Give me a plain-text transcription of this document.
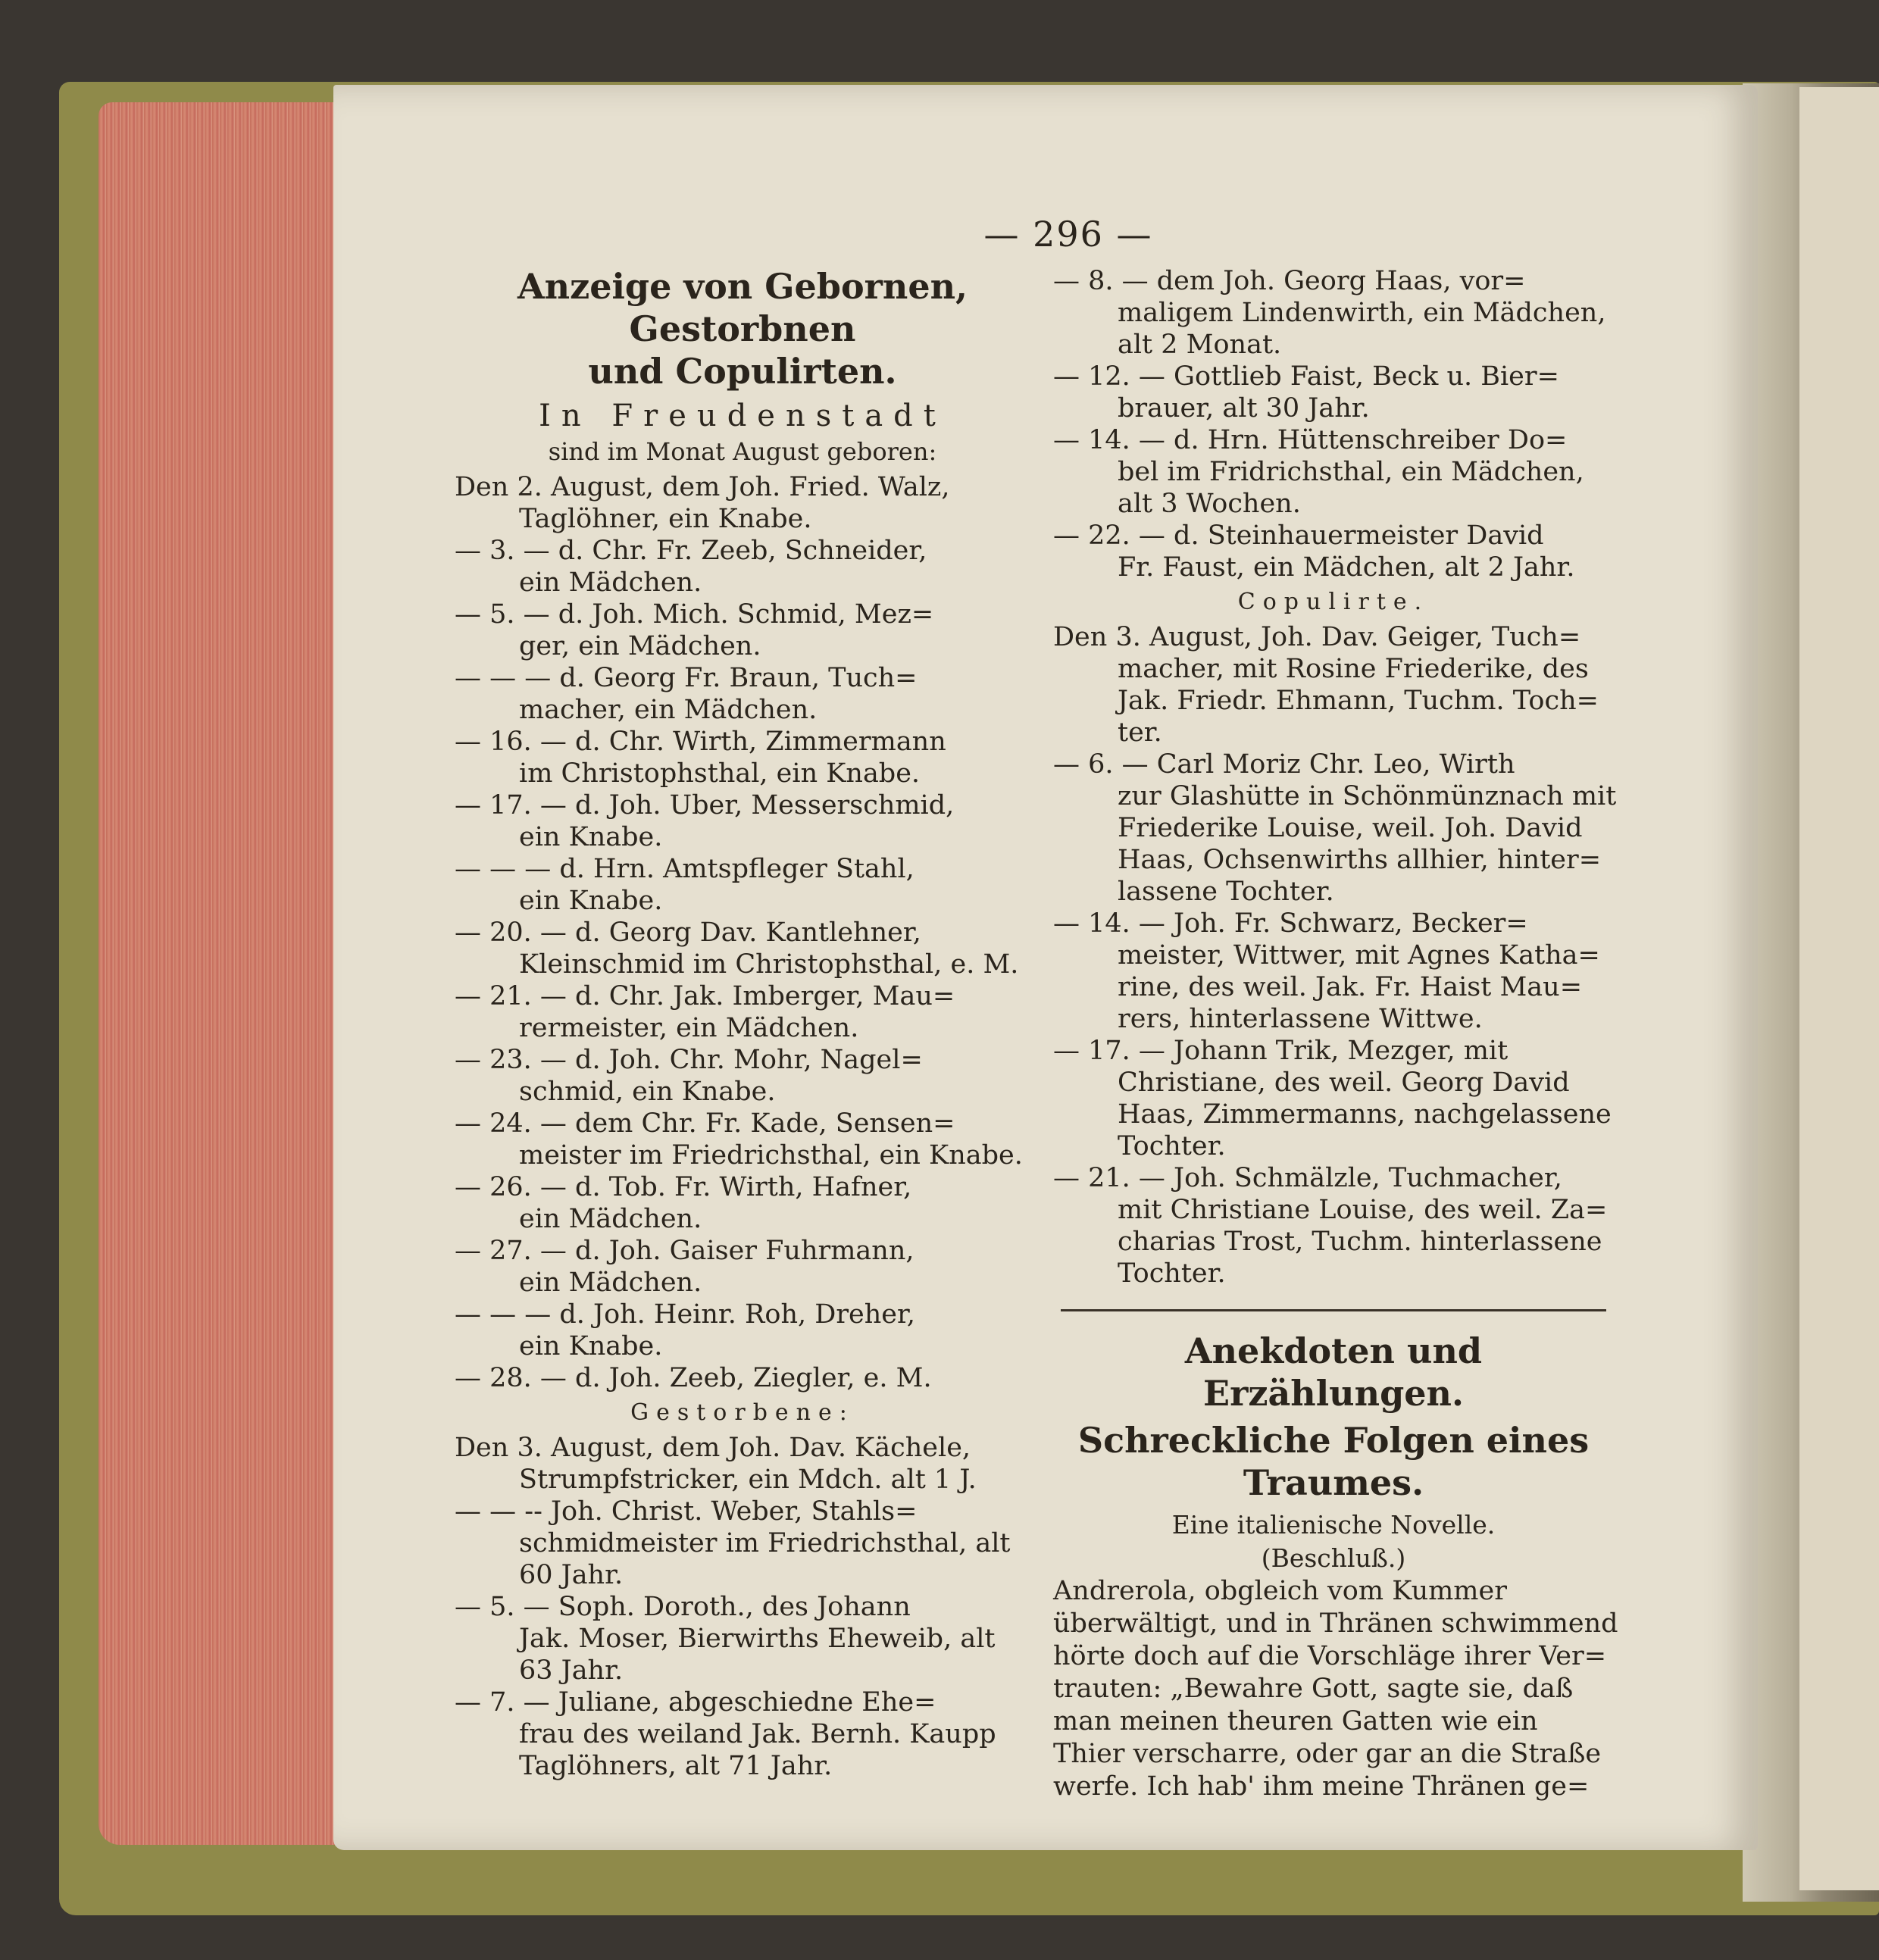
— 296 —
Anzeige von Gebornen, Gestorbnen
und Copulirten.
In Freudenstadt
sind im Monat August geboren:
Den 2. August, dem Joh. Fried. Walz,
Taglöhner, ein Knabe.
— 3. — d. Chr. Fr. Zeeb, Schneider,
ein Mädchen.
— 5. — d. Joh. Mich. Schmid, Mez=
ger, ein Mädchen.
— — — d. Georg Fr. Braun, Tuch=
macher, ein Mädchen.
— 16. — d. Chr. Wirth, Zimmermann
im Christophsthal, ein Knabe.
— 17. — d. Joh. Uber, Messerschmid,
ein Knabe.
— — — d. Hrn. Amtspfleger Stahl,
ein Knabe.
— 20. — d. Georg Dav. Kantlehner,
Kleinschmid im Christophsthal, e. M.
— 21. — d. Chr. Jak. Imberger, Mau=
rermeister, ein Mädchen.
— 23. — d. Joh. Chr. Mohr, Nagel=
schmid, ein Knabe.
— 24. — dem Chr. Fr. Kade, Sensen=
meister im Friedrichsthal, ein Knabe.
— 26. — d. Tob. Fr. Wirth, Hafner,
ein Mädchen.
— 27. — d. Joh. Gaiser Fuhrmann,
ein Mädchen.
— — — d. Joh. Heinr. Roh, Dreher,
ein Knabe.
— 28. — d. Joh. Zeeb, Ziegler, e. M.
Gestorbene:
Den 3. August, dem Joh. Dav. Kächele,
Strumpfstricker, ein Mdch. alt 1 J.
— — -- Joh. Christ. Weber, Stahls=
schmidmeister im Friedrichsthal, alt
60 Jahr.
— 5. — Soph. Doroth., des Johann
Jak. Moser, Bierwirths Eheweib, alt
63 Jahr.
— 7. — Juliane, abgeschiedne Ehe=
frau des weiland Jak. Bernh. Kaupp
Taglöhners, alt 71 Jahr.
— 8. — dem Joh. Georg Haas, vor=
maligem Lindenwirth, ein Mädchen,
alt 2 Monat.
— 12. — Gottlieb Faist, Beck u. Bier=
brauer, alt 30 Jahr.
— 14. — d. Hrn. Hüttenschreiber Do=
bel im Fridrichsthal, ein Mädchen,
alt 3 Wochen.
— 22. — d. Steinhauermeister David
Fr. Faust, ein Mädchen, alt 2 Jahr.
Copulirte.
Den 3. August, Joh. Dav. Geiger, Tuch=
macher, mit Rosine Friederike, des
Jak. Friedr. Ehmann, Tuchm. Toch=
ter.
— 6. — Carl Moriz Chr. Leo, Wirth
zur Glashütte in Schönmünznach mit
Friederike Louise, weil. Joh. David
Haas, Ochsenwirths allhier, hinter=
lassene Tochter.
— 14. — Joh. Fr. Schwarz, Becker=
meister, Wittwer, mit Agnes Katha=
rine, des weil. Jak. Fr. Haist Mau=
rers, hinterlassene Wittwe.
— 17. — Johann Trik, Mezger, mit
Christiane, des weil. Georg David
Haas, Zimmermanns, nachgelassene
Tochter.
— 21. — Joh. Schmälzle, Tuchmacher,
mit Christiane Louise, des weil. Za=
charias Trost, Tuchm. hinterlassene
Tochter.
Anekdoten und Erzählungen.
Schreckliche Folgen eines Traumes.
Eine italienische Novelle.
(Beschluß.)
Andrerola, obgleich vom Kummer
überwältigt, und in Thränen schwimmend
hörte doch auf die Vorschläge ihrer Ver=
trauten: „Bewahre Gott, sagte sie, daß
man meinen theuren Gatten wie ein
Thier verscharre, oder gar an die Straße
werfe. Ich hab' ihm meine Thränen ge=
